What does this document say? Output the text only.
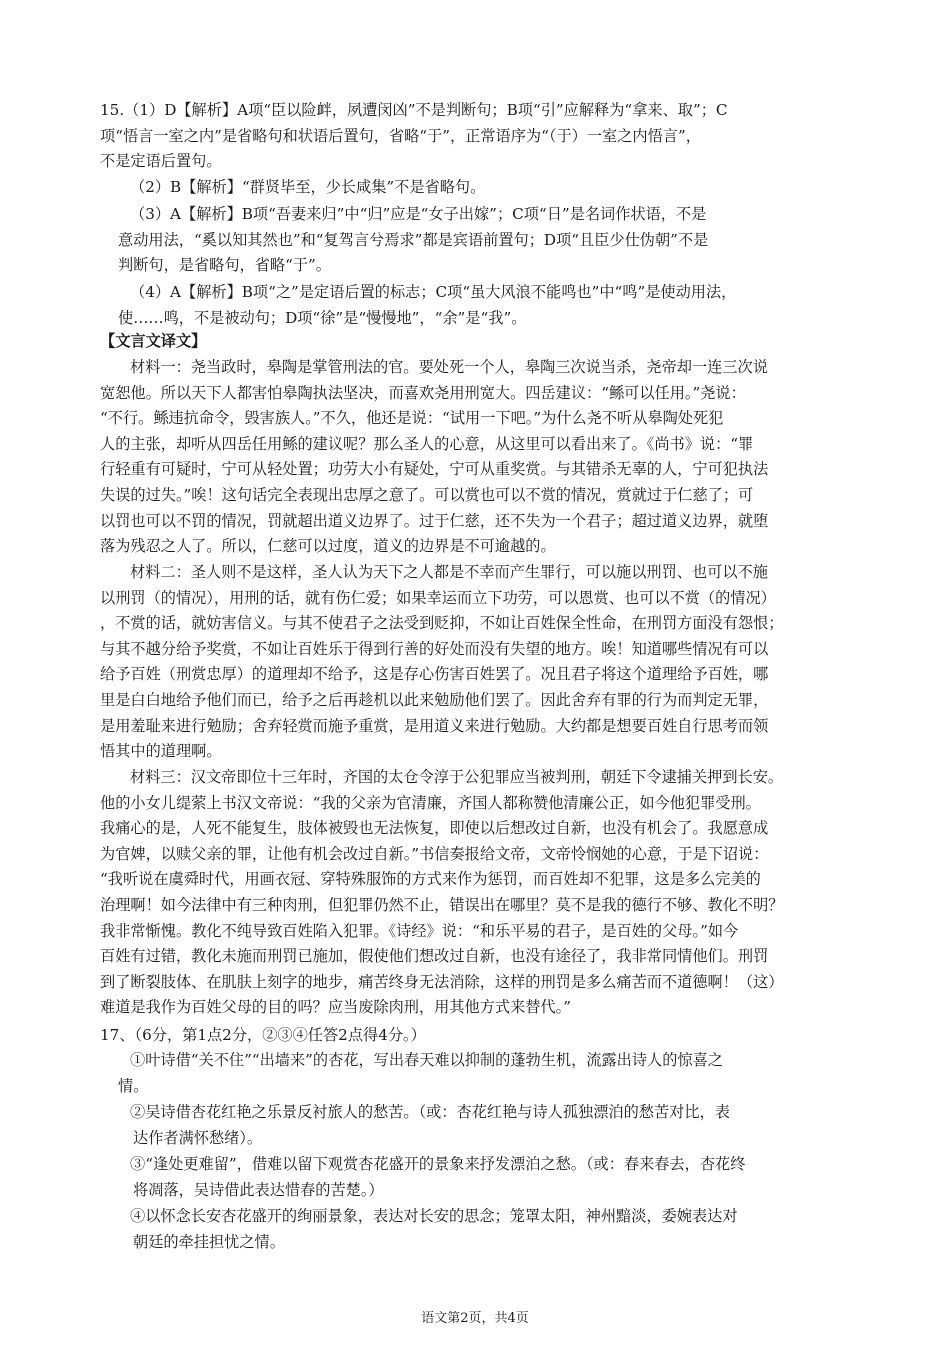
15.（1）D【解析】A项“臣以险衅，夙遭闵凶”不是判断句；B项“引”应解释为“拿来、取”；C
项“悟言一室之内”是省略句和状语后置句，省略“于”，正常语序为“（于）一室之内悟言”，
不是定语后置句。
（2）B【解析】“群贤毕至，少长咸集”不是省略句。
（3）A【解析】B项“吾妻来归”中“归”应是“女子出嫁”；C项“日”是名词作状语，不是
意动用法，“奚以知其然也”和“复驾言兮焉求”都是宾语前置句；D项“且臣少仕伪朝”不是
判断句，是省略句，省略“于”。
（4）A【解析】B项“之”是定语后置的标志；C项“虽大风浪不能鸣也”中“鸣”是使动用法，
使……鸣，不是被动句；D项“徐”是“慢慢地”，“余”是“我”。
【文言文译文】
材料一：尧当政时，皋陶是掌管刑法的官。要处死一个人，皋陶三次说当杀，尧帝却一连三次说
宽恕他。所以天下人都害怕皋陶执法坚决，而喜欢尧用刑宽大。四岳建议：“鲧可以任用。”尧说：
“不行。鲧违抗命令，毁害族人。”不久，他还是说：“试用一下吧。”为什么尧不听从皋陶处死犯
人的主张，却听从四岳任用鲧的建议呢？那么圣人的心意，从这里可以看出来了。《尚书》说：“罪
行轻重有可疑时，宁可从轻处置；功劳大小有疑处，宁可从重奖赏。与其错杀无辜的人，宁可犯执法
失误的过失。”唉！这句话完全表现出忠厚之意了。可以赏也可以不赏的情况，赏就过于仁慈了；可
以罚也可以不罚的情况，罚就超出道义边界了。过于仁慈，还不失为一个君子；超过道义边界，就堕
落为残忍之人了。所以，仁慈可以过度，道义的边界是不可逾越的。
材料二：圣人则不是这样，圣人认为天下之人都是不幸而产生罪行，可以施以刑罚、也可以不施
以刑罚（的情况），用刑的话，就有伤仁爱；如果幸运而立下功劳，可以恩赏、也可以不赏（的情况）
，不赏的话，就妨害信义。与其不使君子之法受到贬抑，不如让百姓保全性命，在刑罚方面没有怨恨；
与其不越分给予奖赏，不如让百姓乐于得到行善的好处而没有失望的地方。唉！知道哪些情况有可以
给予百姓（刑赏忠厚）的道理却不给予，这是存心伤害百姓罢了。况且君子将这个道理给予百姓，哪
里是白白地给予他们而已，给予之后再趁机以此来勉励他们罢了。因此舍弃有罪的行为而判定无罪，
是用羞耻来进行勉励；舍弃轻赏而施予重赏，是用道义来进行勉励。大约都是想要百姓自行思考而领
悟其中的道理啊。
材料三：汉文帝即位十三年时，齐国的太仓令淳于公犯罪应当被判刑，朝廷下令逮捕关押到长安。
他的小女儿缇萦上书汉文帝说：“我的父亲为官清廉，齐国人都称赞他清廉公正，如今他犯罪受刑。
我痛心的是，人死不能复生，肢体被毁也无法恢复，即使以后想改过自新，也没有机会了。我愿意成
为官婢，以赎父亲的罪，让他有机会改过自新。”书信奏报给文帝，文帝怜悯她的心意，于是下诏说：
“我听说在虞舜时代，用画衣冠、穿特殊服饰的方式来作为惩罚，而百姓却不犯罪，这是多么完美的
治理啊！如今法律中有三种肉刑，但犯罪仍然不止，错误出在哪里？莫不是我的德行不够、教化不明？
我非常惭愧。教化不纯导致百姓陷入犯罪。《诗经》说：“和乐平易的君子，是百姓的父母。”如今
百姓有过错，教化未施而刑罚已施加，假使他们想改过自新，也没有途径了，我非常同情他们。刑罚
到了断裂肢体、在肌肤上刻字的地步，痛苦终身无法消除，这样的刑罚是多么痛苦而不道德啊！（这）
难道是我作为百姓父母的目的吗？应当废除肉刑，用其他方式来替代。”
17、（6分，第1点2分，②③④任答2点得4分。）
①叶诗借“关不住”“出墙来”的杏花，写出春天难以抑制的蓬勃生机，流露出诗人的惊喜之
情。
②吴诗借杏花红艳之乐景反衬旅人的愁苦。（或：杏花红艳与诗人孤独漂泊的愁苦对比，表
达作者满怀愁绪）。
③“逢处更难留”，借难以留下观赏杏花盛开的景象来抒发漂泊之愁。（或：春来春去，杏花终
将凋落，吴诗借此表达惜春的苦楚。）
④以怀念长安杏花盛开的绚丽景象，表达对长安的思念；笼罩太阳，神州黯淡，委婉表达对
朝廷的牵挂担忧之情。
语文第2页，共4页
